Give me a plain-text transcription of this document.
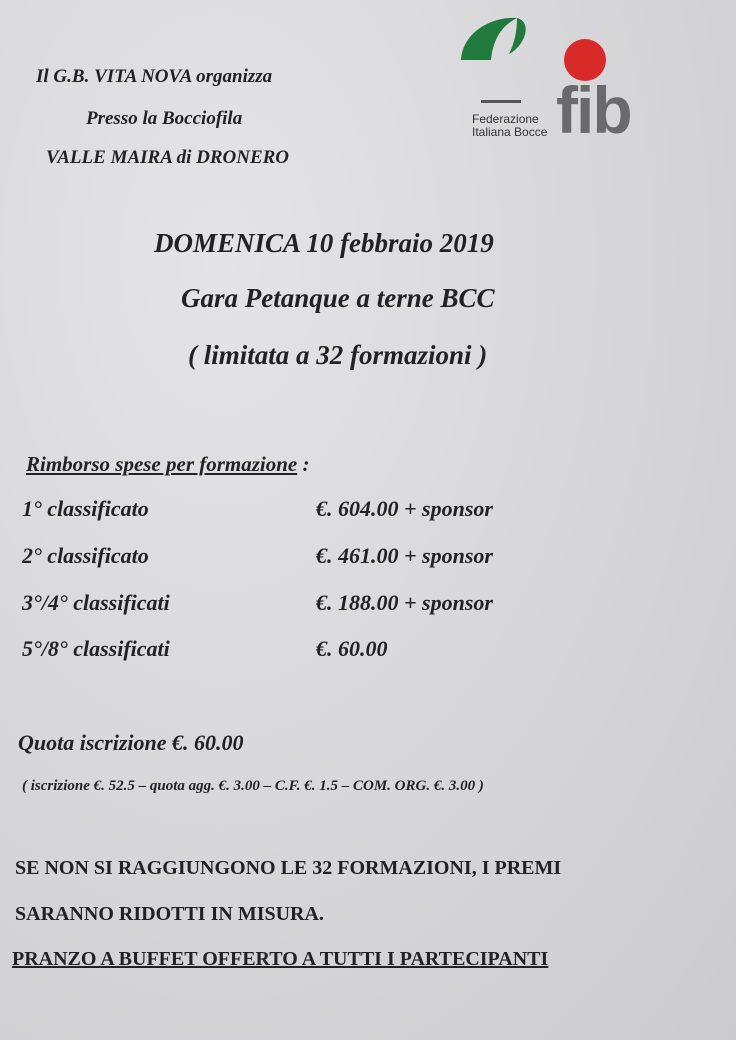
Il G.B. VITA NOVA organizza
Presso la Bocciofila
VALLE MAIRA di DRONERO
Federazione
Italiana Bocce fib
DOMENICA 10 febbraio 2019
Gara Petanque a terne BCC
( limitata a 32 formazioni )
Rimborso spese per formazione :
1° classificato	€. 604.00 + sponsor
2° classificato	€. 461.00 + sponsor
3°/4° classificati	€. 188.00 + sponsor
5°/8° classificati	€. 60.00
Quota iscrizione €. 60.00
( iscrizione €. 52.5 – quota agg. €. 3.00 – C.F. €. 1.5 – COM. ORG. €. 3.00 )
SE NON SI RAGGIUNGONO LE 32 FORMAZIONI, I PREMI
SARANNO RIDOTTI IN MISURA.
PRANZO A BUFFET OFFERTO A TUTTI I PARTECIPANTI
